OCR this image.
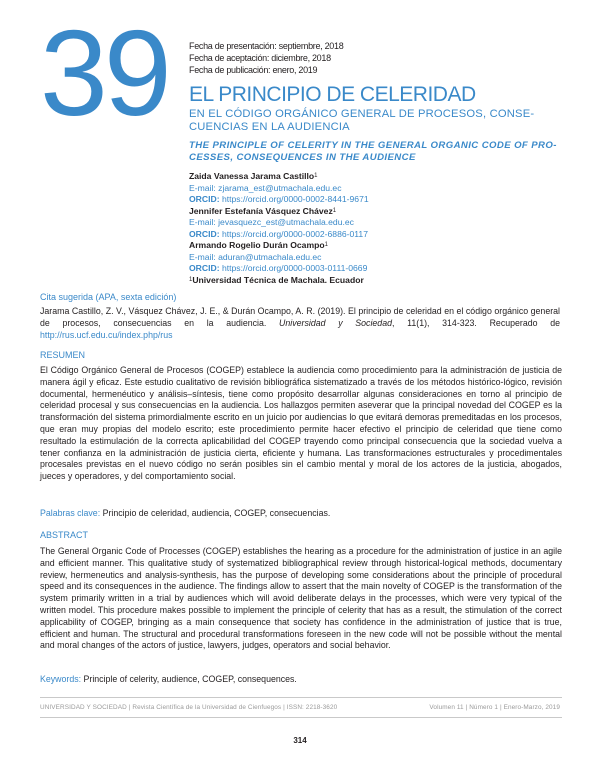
39 Fecha de presentación: septiembre, 2018
Fecha de aceptación: diciembre, 2018
Fecha de publicación: enero, 2019
EL PRINCIPIO DE CELERIDAD
EN EL CÓDIGO ORGÁNICO GENERAL DE PROCESOS, CONSE-CUENCIAS EN LA AUDIENCIA
THE PRINCIPLE OF CELERITY IN THE GENERAL ORGANIC CODE OF PRO-CESSES, CONSEQUENCES IN THE AUDIENCE
Zaida Vanessa Jarama Castillo$^1$
E-mail: zjarama_est@utmachala.edu.ec
ORCID: https://orcid.org/0000-0002-8441-9671
Jennifer Estefanía Vásquez Chávez$^1$
E-mail: jevasquezc_est@utmachala.edu.ec
ORCID: https://orcid.org/0000-0002-6886-0117
Armando Rogelio Durán Ocampo$^1$
E-mail: aduran@utmachala.edu.ec
ORCID: https://orcid.org/0000-0003-0111-0669
$^1$Universidad Técnica de Machala. Ecuador
Cita sugerida (APA, sexta edición)
Jarama Castillo, Z. V., Vásquez Chávez, J. E., & Durán Ocampo, A. R. (2019). El principio de celeridad en el código orgánico general de procesos, consecuencias en la audiencia. Universidad y Sociedad, 11(1), 314-323. Recuperado de http://rus.ucf.edu.cu/index.php/rus
RESUMEN
El Código Orgánico General de Procesos (COGEP) establece la audiencia como procedimiento para la administración de justicia de manera ágil y eficaz. Este estudio cualitativo de revisión bibliográfica sistematizado a través de los métodos histórico-lógico, revisión documental, hermenéutico y análisis–síntesis, tiene como propósito desarrollar algunas consideraciones en torno al principio de celeridad procesal y sus consecuencias en la audiencia. Los hallazgos permiten aseverar que la principal novedad del COGEP es la transformación del sistema primordialmente escrito en un juicio por audiencias lo que evitará demoras premeditadas en los procesos, que eran muy propias del modelo escrito; este procedimiento permite hacer efectivo el principio de celeridad que tiene como resultado la estimulación de la correcta aplicabilidad del COGEP trayendo como principal consecuencia que la sociedad vuelva a tener confianza en la administración de justicia cierta, eficiente y humana. Las transformaciones estructurales y procedimentales procesales previstas en el nuevo código no serán posibles sin el cambio mental y moral de los actores de la justicia, abogados, jueces y operadores, y del comportamiento social.
Palabras clave: Principio de celeridad, audiencia, COGEP, consecuencias.
ABSTRACT
The General Organic Code of Processes (COGEP) establishes the hearing as a procedure for the administration of justice in an agile and efficient manner. This qualitative study of systematized bibliographical review through historical-logical methods, documentary review, hermeneutics and analysis-synthesis, has the purpose of developing some considerations about the principle of procedural speed and its consequences in the audience. The findings allow to assert that the main novelty of COGEP is the transformation of the system primarily written in a trial by audiences which will avoid deliberate delays in the processes, which were very typical of the written model. This procedure makes possible to implement the principle of celerity that has as a result, the stimulation of the correct applicability of COGEP, bringing as a main consequence that society has confidence in the administration of justice that is true, efficient and human. The structural and procedural transformations foreseen in the new code will not be possible without the mental and moral changes of the actors of justice, lawyers, judges, operators and social behavior.
Keywords: Principle of celerity, audience, COGEP, consequences.
UNIVERSIDAD Y SOCIEDAD | Revista Científica de la Universidad de Cienfuegos | ISSN: 2218-3620	Volumen 11 | Número 1 | Enero-Marzo, 2019
314
